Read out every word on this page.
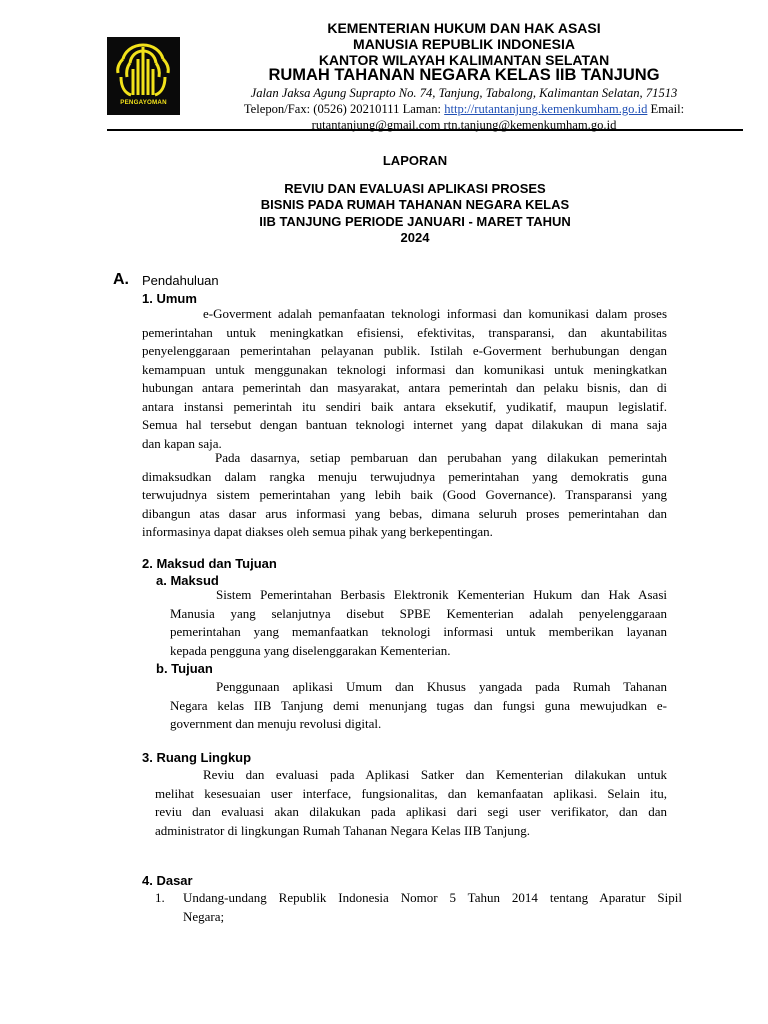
PENGAYOMAN
KEMENTERIAN HUKUM DAN HAK ASASI
MANUSIA REPUBLIK INDONESIA
KANTOR WILAYAH KALIMANTAN SELATAN
RUMAH TAHANAN NEGARA KELAS IIB TANJUNG
Jalan Jaksa Agung Suprapto No. 74, Tanjung, Tabalong, Kalimantan Selatan, 71513
Telepon/Fax: (0526) 20210111 Laman: http://rutantanjung.kemenkumham.go.id Email:
rutantanjung@gmail.com rtn.tanjung@kemenkumham.go.id
LAPORAN
REVIU DAN EVALUASI APLIKASI PROSES
BISNIS PADA RUMAH TAHANAN NEGARA KELAS
IIB TANJUNG PERIODE JANUARI - MARET TAHUN
2024
A. Pendahuluan
1. Umum
e-Goverment adalah pemanfaatan teknologi informasi dan komunikasi dalam proses
pemerintahan untuk meningkatkan efisiensi, efektivitas, transparansi, dan akuntabilitas
penyelenggaraan pemerintahan pelayanan publik. Istilah e-Goverment berhubungan dengan
kemampuan untuk menggunakan teknologi informasi dan komunikasi untuk meningkatkan
hubungan antara pemerintah dan masyarakat, antara pemerintah dan pelaku bisnis, dan di
antara instansi pemerintah itu sendiri baik antara eksekutif, yudikatif, maupun legislatif.
Semua hal tersebut dengan bantuan teknologi internet yang dapat dilakukan di mana saja
dan kapan saja.
Pada dasarnya, setiap pembaruan dan perubahan yang dilakukan pemerintah
dimaksudkan dalam rangka menuju terwujudnya pemerintahan yang demokratis guna
terwujudnya sistem pemerintahan yang lebih baik (Good Governance). Transparansi yang
dibangun atas dasar arus informasi yang bebas, dimana seluruh proses pemerintahan dan
informasinya dapat diakses oleh semua pihak yang berkepentingan.
2. Maksud dan Tujuan
a. Maksud
Sistem Pemerintahan Berbasis Elektronik Kementerian Hukum dan Hak Asasi
Manusia yang selanjutnya disebut SPBE Kementerian adalah penyelenggaraan
pemerintahan yang memanfaatkan teknologi informasi untuk memberikan layanan
kepada pengguna yang diselenggarakan Kementerian.
b. Tujuan
Penggunaan aplikasi Umum dan Khusus yangada pada Rumah Tahanan
Negara kelas IIB Tanjung demi menunjang tugas dan fungsi guna mewujudkan e-
government dan menuju revolusi digital.
3. Ruang Lingkup
Reviu dan evaluasi pada Aplikasi Satker dan Kementerian dilakukan untuk
melihat kesesuaian user interface, fungsionalitas, dan kemanfaatan aplikasi. Selain itu,
reviu dan evaluasi akan dilakukan pada aplikasi dari segi user verifikator, dan dan
administrator di lingkungan Rumah Tahanan Negara Kelas IIB Tanjung.
4. Dasar
1. Undang-undang Republik Indonesia Nomor 5 Tahun 2014 tentang Aparatur Sipil
Negara;
